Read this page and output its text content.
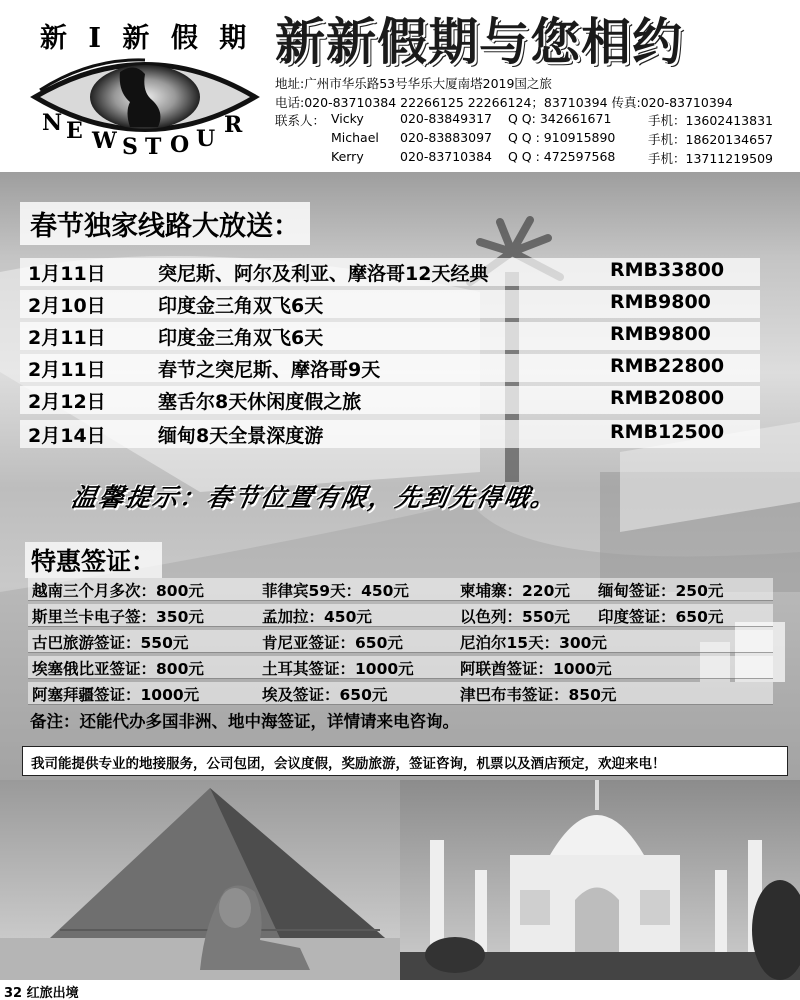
新 I 新 假 期
N E W S T O U
R
新新假期与您相约
地址:广州市华乐路53号华乐大厦南塔2019国之旅
电话:020-83710384 22266125 22266124；83710394 传真:020-83710394
联系人： Vicky	020-83849317 Q Q: 342661671	手机：13602413831
Michael 020-83883097 Q Q : 910915890	手机：18620134657
Kerry	020-83710384 Q Q : 472597568	手机：13711219509
春节独家线路大放送：
1月11日	突尼斯、阿尔及利亚、摩洛哥12天经典	RMB33800
2月10日	印度金三角双飞6天	RMB9800
2月11日	印度金三角双飞6天	RMB9800
2月11日	春节之突尼斯、摩洛哥9天	RMB22800
2月12日	塞舌尔8天休闲度假之旅	RMB20800
2月14日	缅甸8天全景深度游	RMB12500
温馨提示：春节位置有限，先到先得哦。
特惠签证：
越南三个月多次：800元	菲律宾59天：450元	柬埔寨：220元 缅甸签证：250元
斯里兰卡电子签：350元	孟加拉：450元	以色列：550元 印度签证：650元
古巴旅游签证：550元	肯尼亚签证：650元	尼泊尔15天：300元
埃塞俄比亚签证：800元	土耳其签证：1000元	阿联酋签证：1000元
阿塞拜疆签证：1000元	埃及签证：650元	津巴布韦签证：850元
备注：还能代办多国非洲、地中海签证，详情请来电咨询。
我司能提供专业的地接服务，公司包团，会议度假，奖励旅游，签证咨询，机票以及酒店预定，欢迎来电！
32 红旅出境
